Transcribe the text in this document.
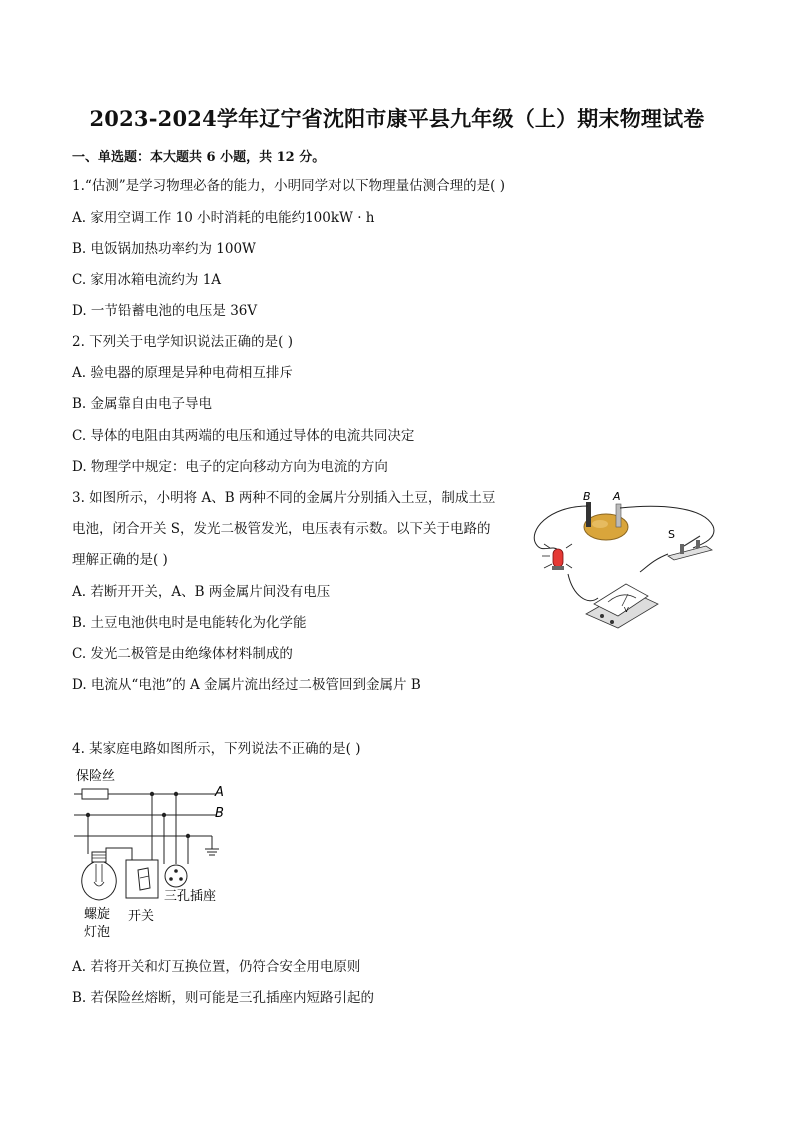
2023-2024学年辽宁省沈阳市康平县九年级（上）期末物理试卷
一、单选题：本大题共 6 小题，共 12 分。
1.“估测”是学习物理必备的能力，小明同学对以下物理量估测合理的是( )
A. 家用空调工作 10 小时消耗的电能约100kW · h
B. 电饭锅加热功率约为 100W
C. 家用冰箱电流约为 1A
D. 一节铅蓄电池的电压是 36V
2. 下列关于电学知识说法正确的是( )
A. 验电器的原理是异种电荷相互排斥
B. 金属靠自由电子导电
C. 导体的电阻由其两端的电压和通过导体的电流共同决定
D. 物理学中规定：电子的定向移动方向为电流的方向
3. 如图所示，小明将 A、B 两种不同的金属片分别插入土豆，制成土豆
电池，闭合开关 S，发光二极管发光，电压表有示数。以下关于电路的
理解正确的是( )
A. 若断开开关，A、B 两金属片间没有电压
B. 土豆电池供电时是电能转化为化学能
C. 发光二极管是由绝缘体材料制成的
D. 电流从“电池”的 A 金属片流出经过二极管回到金属片 B
B A
S
V
4. 某家庭电路如图所示，下列说法不正确的是( )
保险丝
A
B
螺旋
灯泡
开关
三孔插座
A. 若将开关和灯互换位置，仍符合安全用电原则
B. 若保险丝熔断，则可能是三孔插座内短路引起的
